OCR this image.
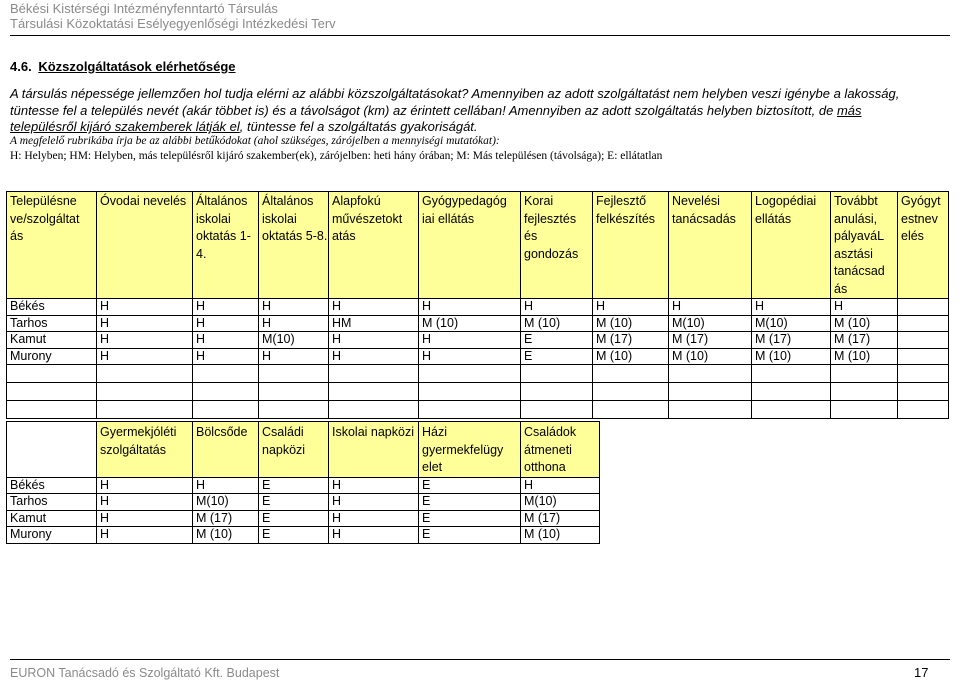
Békési Kistérségi Intézményfenntartó Társulás
Társulási Közoktatási Esélyegyenlőségi Intézkedési Terv
4.6. Közszolgáltatások elérhetősége
A társulás népessége jellemzően hol tudja elérni az alábbi közszolgáltatásokat? Amennyiben az adott szolgáltatást nem helyben veszi igénybe a lakosság,
tüntesse fel a település nevét (akár többet is) és a távolságot (km) az érintett cellában! Amennyiben az adott szolgáltatás helyben biztosított, de más
településről kijáró szakemberek látják el, tüntesse fel a szolgáltatás gyakoriságát.
A megfelelő rubrikába írja be az alábbi betűkódokat (ahol szükséges, zárójelben a mennyiségi mutatókat):
H: Helyben; HM: Helyben, más településről kijáró szakember(ek), zárójelben: heti hány órában; M: Más településen (távolsága); E: ellátatlan
Településne ve/szolgáltat ás	Óvodai nevelés	Általános iskolai oktatás 1-4.	Általános iskolai oktatás 5-8.	Alapfokú művészetokt atás	Gyógypedagóg iai ellátás	Korai fejlesztés és gondozás	Fejlesztő felkészítés	Nevelési tanácsadás	Logopédiai ellátás	Továbbt anulási, pályaváL asztási tanácsad ás	Gyógyt estnev elés
Békés	H	H	H	H	H	H	H	H	H	H	
Tarhos	H	H	H	HM	M (10)	M (10)	M (10)	M(10)	M(10)	M (10)	
Kamut	H	H	M(10)	H	H	E	M (17)	M (17)	M (17)	M (17)	
Murony	H	H	H	H	H	E	M (10)	M (10)	M (10)	M (10)	

	Gyermekjóléti szolgáltatás	Bölcsőde	Családi napközi	Iskolai napközi	Házi gyermekfelügy elet	Családok átmeneti otthona
Békés	H	H	E	H	E	H
Tarhos	H	M(10)	E	H	E	M(10)
Kamut	H	M (17)	E	H	E	M (17)
Murony	H	M (10)	E	H	E	M (10)
EURON Tanácsadó és Szolgáltató Kft. Budapest	17
